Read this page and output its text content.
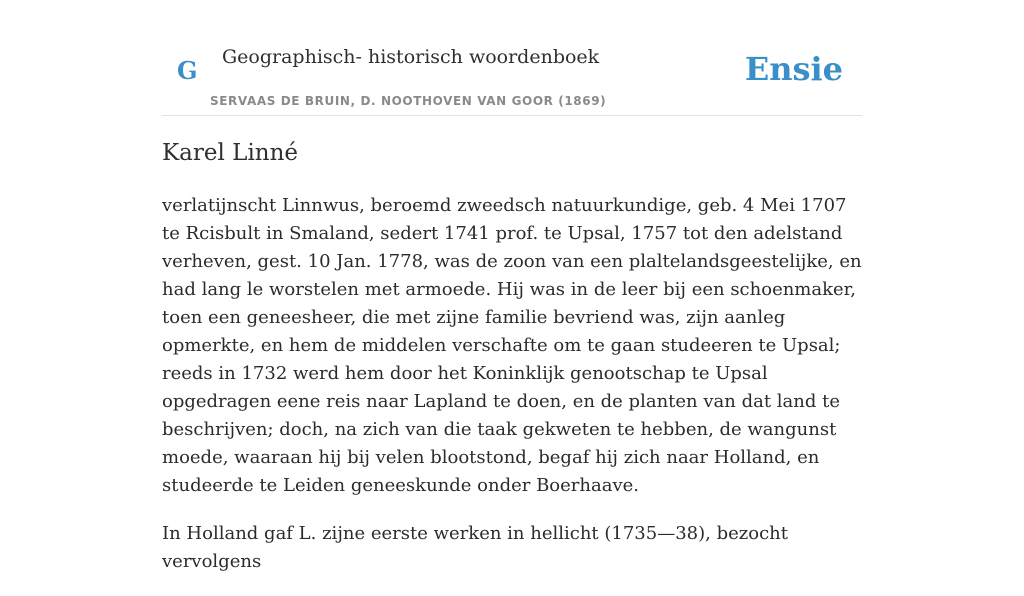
G Geographisch- historisch woordenboek
SERVAAS DE BRUIN, D. NOOTHOVEN VAN GOOR (1869)
Ensie
Karel Linné

verlatijnscht Linnwus, beroemd zweedsch natuurkundige, geb. 4 Mei 1707 te Rcisbult in Smaland, sedert 1741 prof. te Upsal, 1757 tot den adelstand verheven, gest. 10 Jan. 1778, was de zoon van een plaltelandsgeestelijke, en had lang le worstelen met armoede. Hij was in de leer bij een schoenmaker, toen een geneesheer, die met zijne familie bevriend was, zijn aanleg opmerkte, en hem de middelen verschafte om te gaan studeeren te Upsal; reeds in 1732 werd hem door het Koninklijk genootschap te Upsal opgedragen eene reis naar Lapland te doen, en de planten van dat land te beschrijven; doch, na zich van die taak gekweten te hebben, de wangunst moede, waaraan hij bij velen blootstond, begaf hij zich naar Holland, en studeerde te Leiden geneeskunde onder Boerhaave.

In Holland gaf L. zijne eerste werken in hellicht (1735—38), bezocht vervolgens
